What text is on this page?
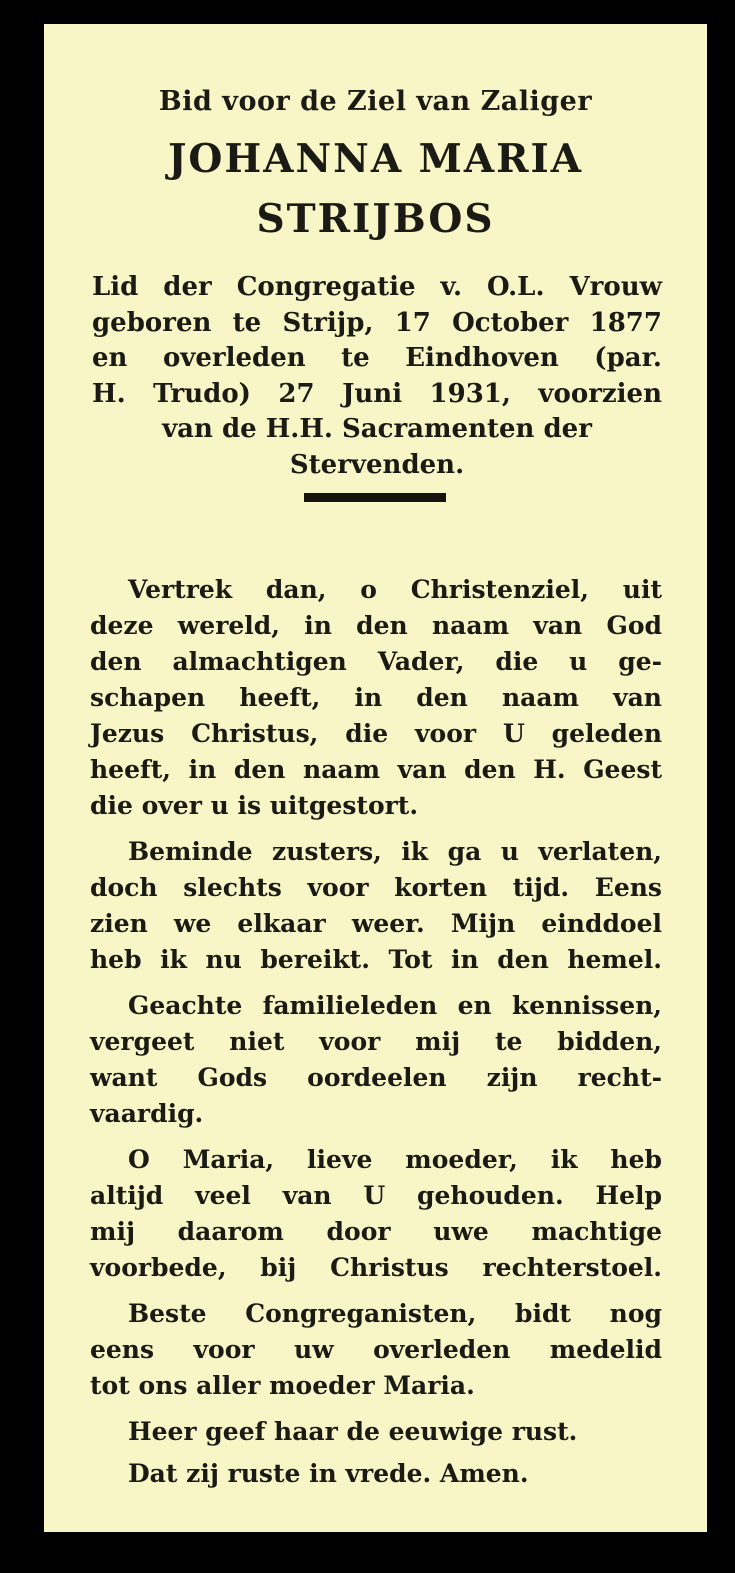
Bid voor de Ziel van Zaliger
JOHANNA MARIA
STRIJBOS
Lid der Congregatie v. O.L. Vrouw
geboren te Strijp, 17 October 1877
en overleden te Eindhoven (par.
H. Trudo) 27 Juni 1931, voorzien
van de H.H. Sacramenten der
Stervenden.
Vertrek dan, o Christenziel, uit
deze wereld, in den naam van God
den almachtigen Vader, die u ge-
schapen heeft, in den naam van
Jezus Christus, die voor U geleden
heeft, in den naam van den H. Geest
die over u is uitgestort.
Beminde zusters, ik ga u verlaten,
doch slechts voor korten tijd. Eens
zien we elkaar weer. Mijn einddoel
heb ik nu bereikt. Tot in den hemel.
Geachte familieleden en kennissen,
vergeet niet voor mij te bidden,
want Gods oordeelen zijn recht-
vaardig.
O Maria, lieve moeder, ik heb
altijd veel van U gehouden. Help
mij daarom door uwe machtige
voorbede, bij Christus rechterstoel.
Beste Congreganisten, bidt nog
eens voor uw overleden medelid
tot ons aller moeder Maria.
Heer geef haar de eeuwige rust.
Dat zij ruste in vrede. Amen.
